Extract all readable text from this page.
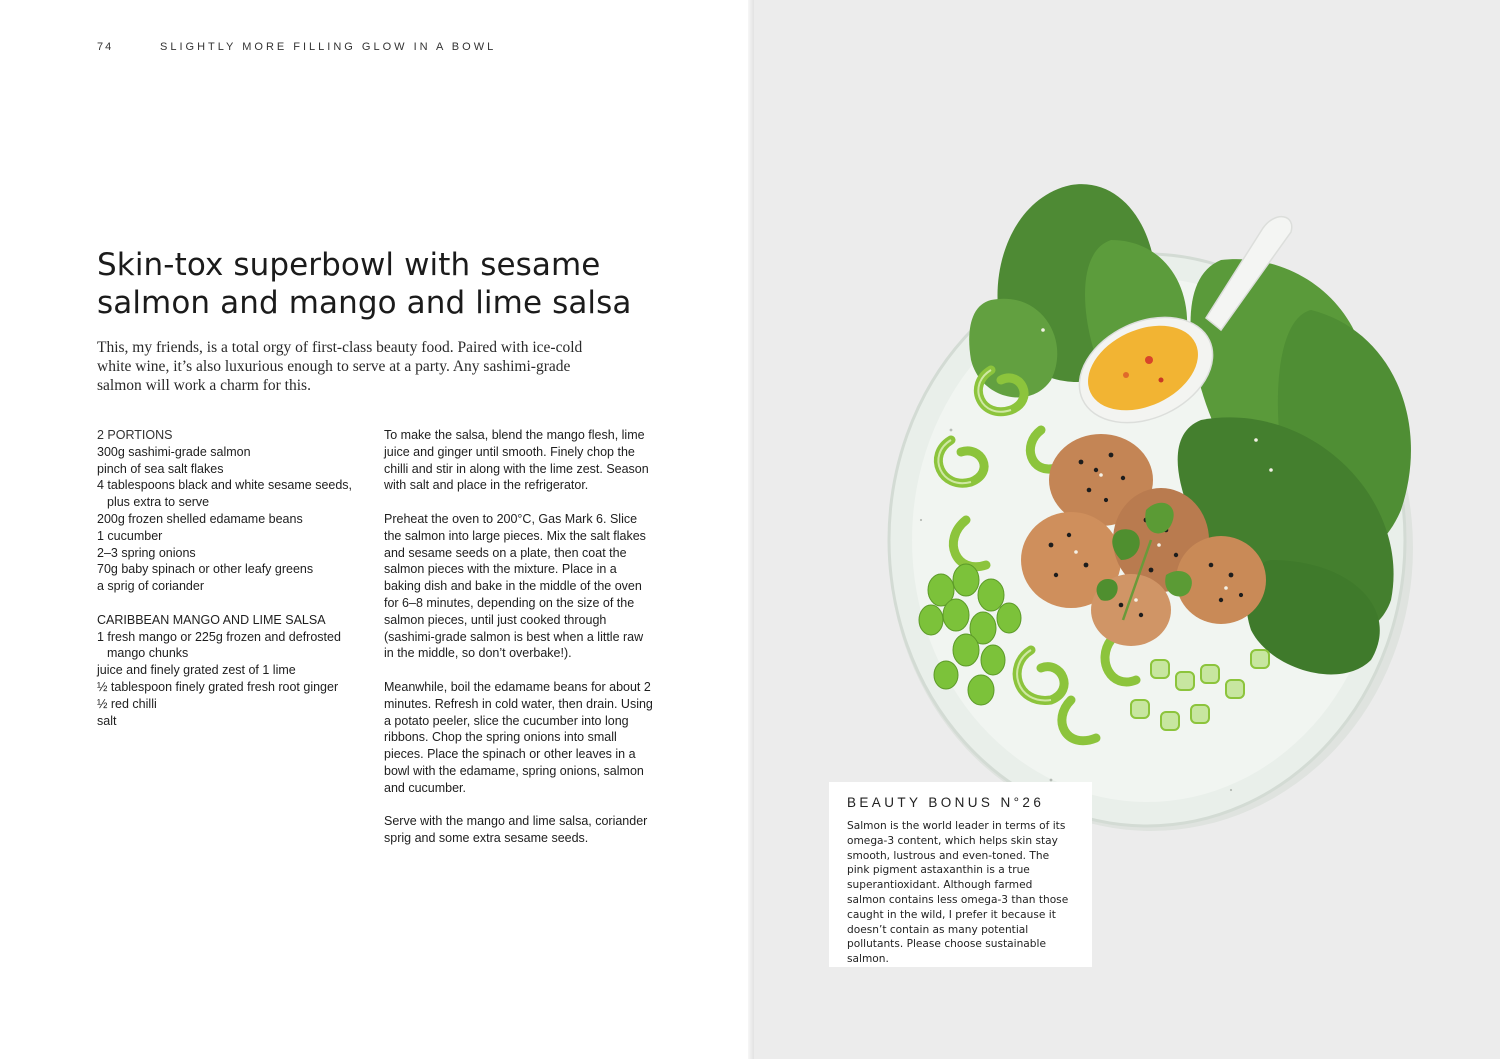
74	SLIGHTLY MORE FILLING GLOW IN A BOWL
Skin-tox superbowl with sesame
salmon and mango and lime salsa

This, my friends, is a total orgy of first-class beauty food. Paired with ice-cold white wine, it’s also luxurious enough to serve at a party. Any sashimi-grade salmon will work a charm for this.

2 PORTIONS

300g sashimi-grade salmon
pinch of sea salt flakes
4 tablespoons black and white sesame seeds, plus extra to serve
200g frozen shelled edamame beans
1 cucumber
2–3 spring onions
70g baby spinach or other leafy greens
a sprig of coriander

CARIBBEAN MANGO AND LIME SALSA

1 fresh mango or 225g frozen and defrosted mango chunks
juice and finely grated zest of 1 lime
½ tablespoon finely grated fresh root ginger
½ red chilli
salt

To make the salsa, blend the mango flesh, lime juice and ginger until smooth. Finely chop the chilli and stir in along with the lime zest. Season with salt and place in the refrigerator.

Preheat the oven to 200°C, Gas Mark 6. Slice the salmon into large pieces. Mix the salt flakes and sesame seeds on a plate, then coat the salmon pieces with the mixture. Place in a baking dish and bake in the middle of the oven for 6–8 minutes, depending on the size of the salmon pieces, until just cooked through (sashimi-grade salmon is best when a little raw in the middle, so don’t overbake!).

Meanwhile, boil the edamame beans for about 2 minutes. Refresh in cold water, then drain. Using a potato peeler, slice the cucumber into long ribbons. Chop the spring onions into small pieces. Place the spinach or other leaves in a bowl with the edamame, spring onions, salmon and cucumber.

Serve with the mango and lime salsa, coriander sprig and some extra sesame seeds.

BEAUTY BONUS N°26

Salmon is the world leader in terms of its omega-3 content, which helps skin stay smooth, lustrous and even-toned. The pink pigment astaxanthin is a true superantioxidant. Although farmed salmon contains less omega-3 than those caught in the wild, I prefer it because it doesn’t contain as many potential pollutants. Please choose sustainable salmon.
